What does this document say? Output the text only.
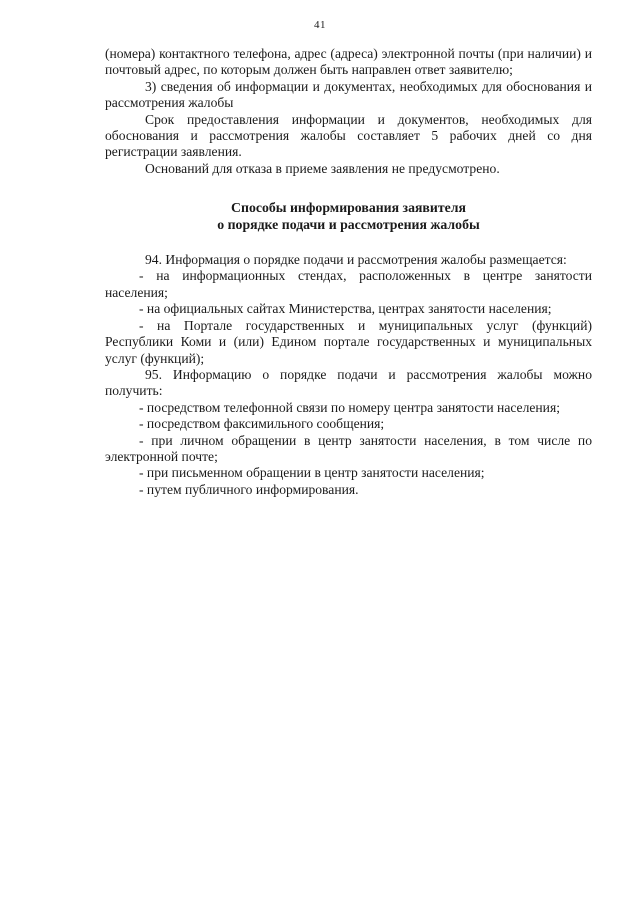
41

(номера) контактного телефона, адрес (адреса) электронной почты (при наличии) и почтовый адрес, по которым должен быть направлен ответ заявителю;

3) сведения об информации и документах, необходимых для обоснования и рассмотрения жалобы

Срок предоставления информации и документов, необходимых для обоснования и рассмотрения жалобы составляет 5 рабочих дней со дня регистрации заявления.

Оснований для отказа в приеме заявления не предусмотрено.

Способы информирования заявителя
о порядке подачи и рассмотрения жалобы

94. Информация о порядке подачи и рассмотрения жалобы размещается:

- на информационных стендах, расположенных в центре занятости населения;

- на официальных сайтах Министерства, центрах занятости населения;

- на Портале государственных и муниципальных услуг (функций) Республики Коми и (или) Едином портале государственных и муниципальных услуг (функций);

95. Информацию о порядке подачи и рассмотрения жалобы можно получить:

- посредством телефонной связи по номеру центра занятости населения;

- посредством факсимильного сообщения;

- при личном обращении в центр занятости населения, в том числе по электронной почте;

- при письменном обращении в центр занятости населения;

- путем публичного информирования.
